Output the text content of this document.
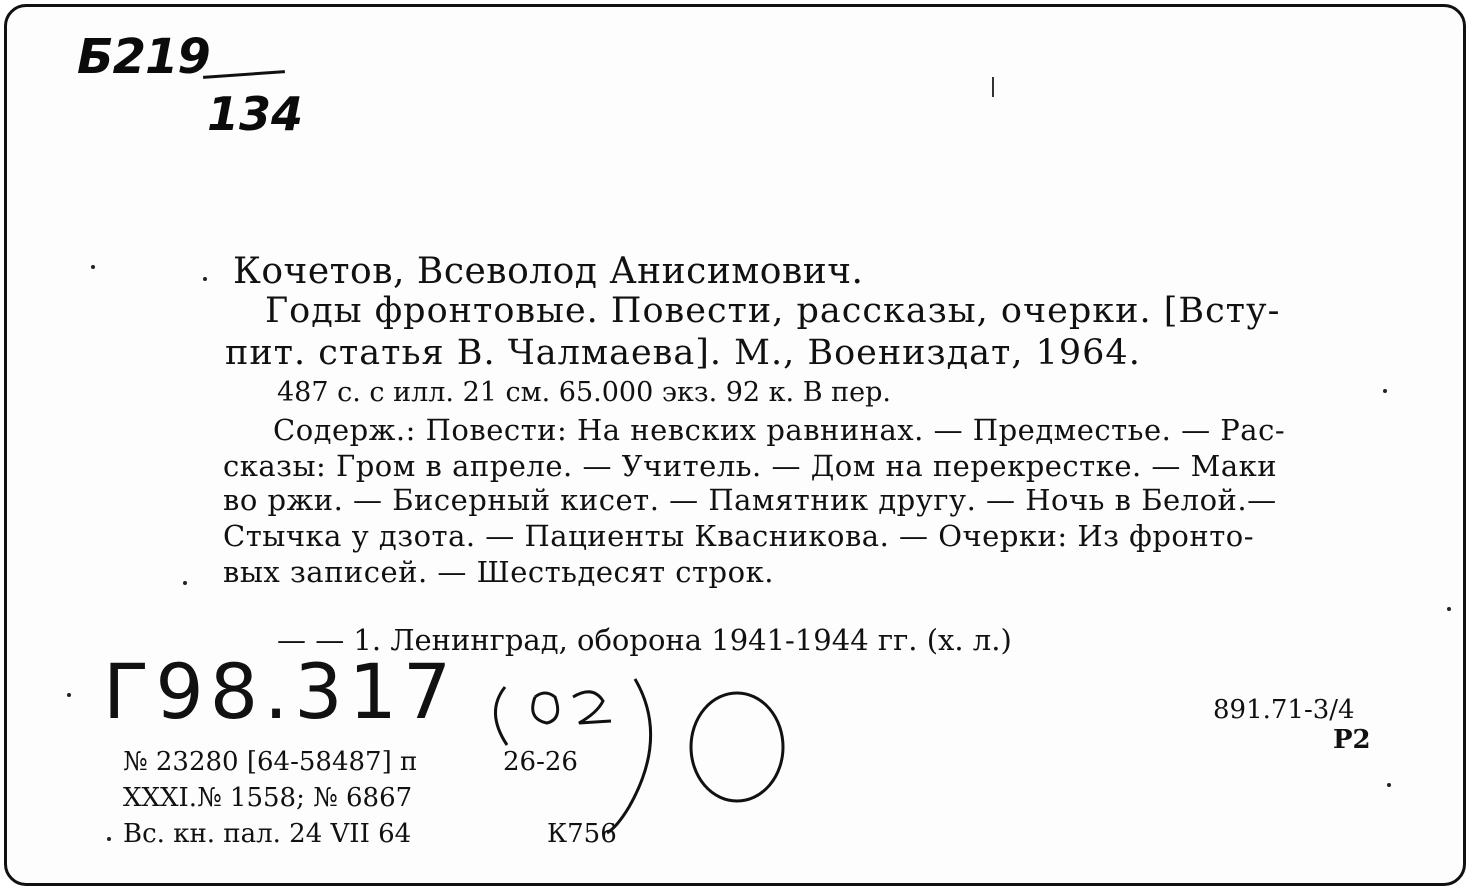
Б219
134
Кочетов, Всеволод Анисимович.
Годы фронтовые. Повести, рассказы, очерки. [Всту-
пит. статья В. Чалмаева]. М., Воениздат, 1964.
487 с. с илл. 21 см. 65.000 экз. 92 к. В пер.
Содерж.: Повести: На невских равнинах. — Предместье. — Рас-
сказы: Гром в апреле. — Учитель. — Дом на перекрестке. — Маки
во ржи. — Бисерный кисет. — Памятник другу. — Ночь в Белой.—
Стычка у дзота. — Пациенты Квасникова. — Очерки: Из фронто-
вых записей. — Шестьдесят строк.
— — 1. Ленинград, оборона 1941-1944 гг. (х. л.)
Г98.317	891.71-3/4
Р2
№ 23280 [64-58487] п
ХХХI.№ 1558; № 6867
Вс. кн. пал. 24 VII 64
26-26
К756
